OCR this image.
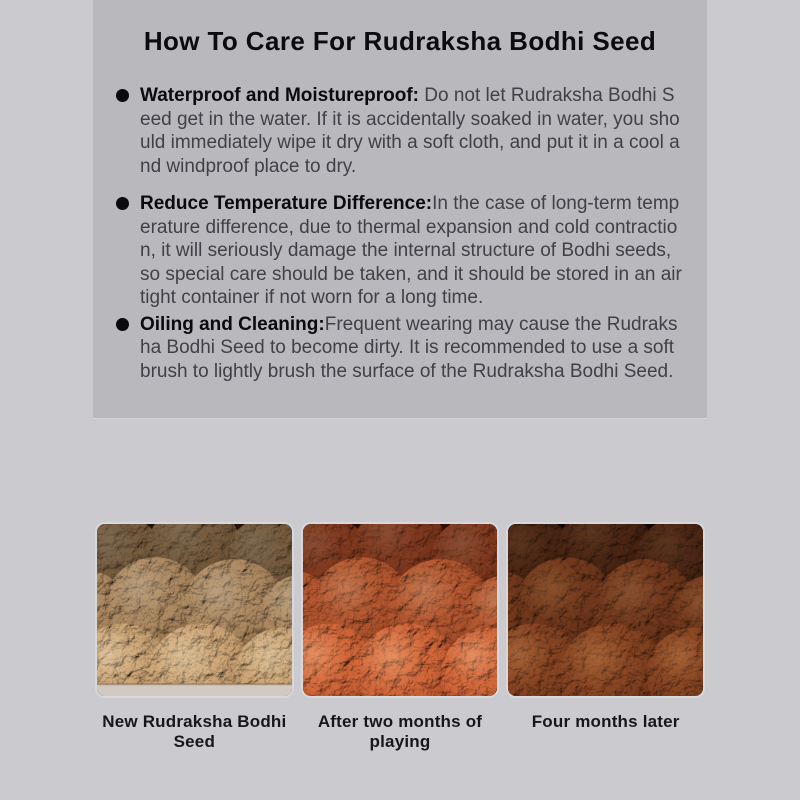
How To Care For Rudraksha Bodhi Seed
Waterproof and Moistureproof: Do not let Rudraksha Bodhi Seed get in the water. If it is accidentally soaked in water, you should immediately wipe it dry with a soft cloth, and put it in a cool and windproof place to dry.
Reduce Temperature Difference:In the case of long-term temperature difference, due to thermal expansion and cold contraction, it will seriously damage the internal structure of Bodhi seeds, so special care should be taken, and it should be stored in an airtight container if not worn for a long time.
Oiling and Cleaning:Frequent wearing may cause the Rudraksha Bodhi Seed to become dirty. It is recommended to use a soft brush to lightly brush the surface of the Rudraksha Bodhi Seed.
New Rudraksha Bodhi Seed
After two months of playing
Four months later
